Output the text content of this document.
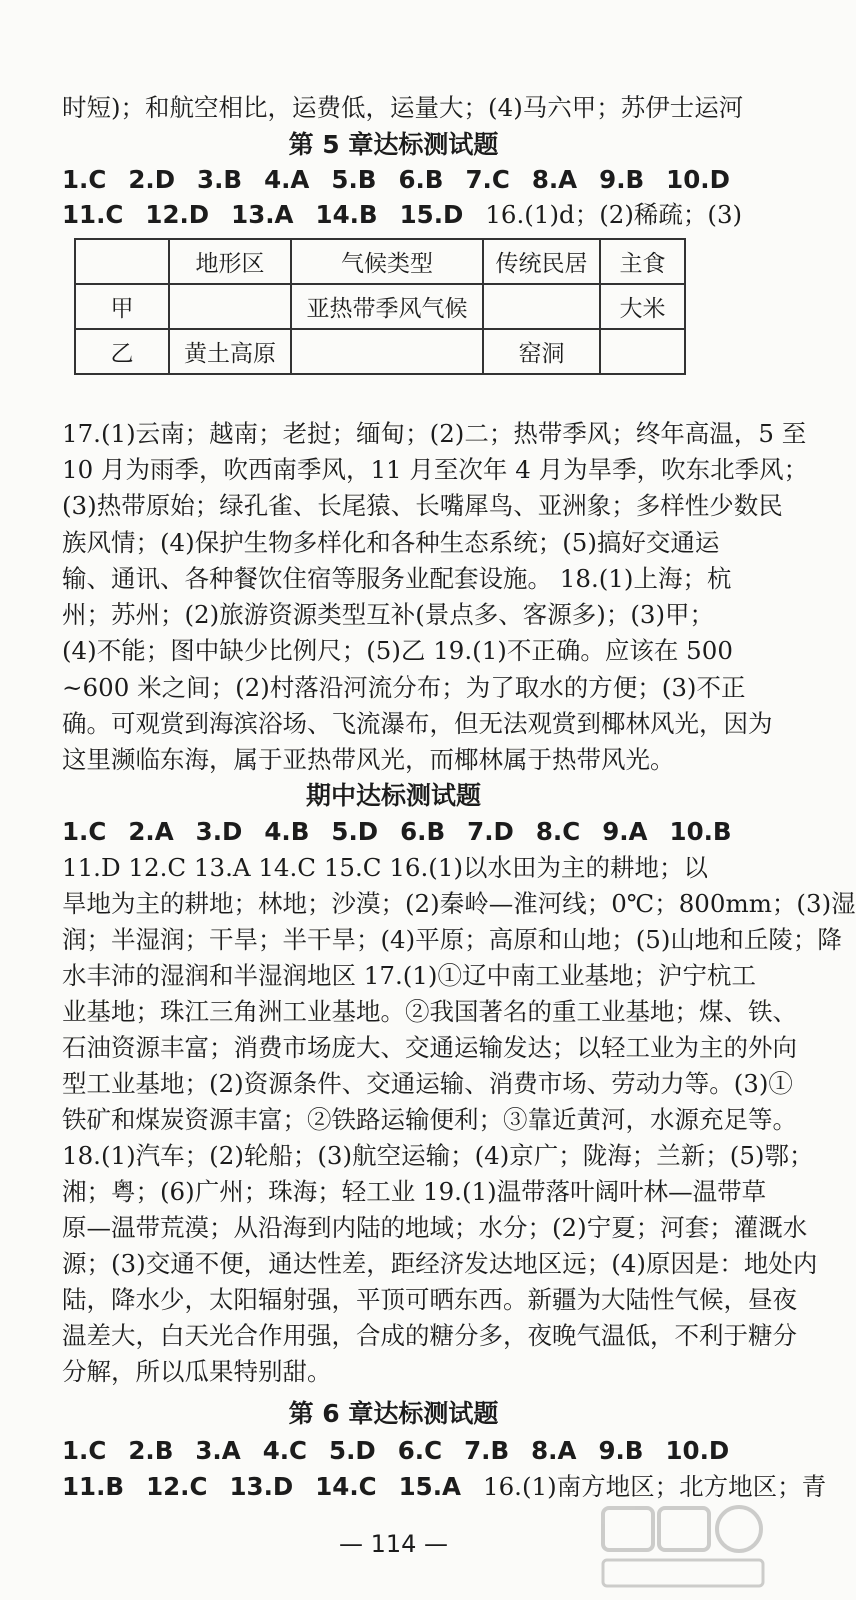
时短)；和航空相比，运费低，运量大；(4)马六甲；苏伊士运河
第 5 章达标测试题
1.C 2.D 3.B 4.A 5.B 6.B 7.C 8.A 9.B 10.D
11.C 12.D 13.A 14.B 15.D 16.(1)d；(2)稀疏；(3)
	地形区	气候类型	传统民居	主食
甲		亚热带季风气候		大米
乙	黄土高原		窑洞	
17.(1)云南；越南；老挝；缅甸；(2)二；热带季风；终年高温，5 至
10 月为雨季，吹西南季风，11 月至次年 4 月为旱季，吹东北季风；
(3)热带原始；绿孔雀、长尾猿、长嘴犀鸟、亚洲象；多样性少数民
族风情；(4)保护生物多样化和各种生态系统；(5)搞好交通运
输、通讯、各种餐饮住宿等服务业配套设施。 18.(1)上海；杭
州；苏州；(2)旅游资源类型互补(景点多、客源多)；(3)甲；
(4)不能；图中缺少比例尺；(5)乙 19.(1)不正确。应该在 500
~600 米之间；(2)村落沿河流分布；为了取水的方便；(3)不正
确。可观赏到海滨浴场、飞流瀑布，但无法观赏到椰林风光，因为
这里濒临东海，属于亚热带风光，而椰林属于热带风光。
期中达标测试题
1.C 2.A 3.D 4.B 5.D 6.B 7.D 8.C 9.A 10.B
11.D 12.C 13.A 14.C 15.C 16.(1)以水田为主的耕地；以
旱地为主的耕地；林地；沙漠；(2)秦岭—淮河线；0℃；800mm；(3)湿
润；半湿润；干旱；半干旱；(4)平原；高原和山地；(5)山地和丘陵；降
水丰沛的湿润和半湿润地区 17.(1)①辽中南工业基地；沪宁杭工
业基地；珠江三角洲工业基地。②我国著名的重工业基地；煤、铁、
石油资源丰富；消费市场庞大、交通运输发达；以轻工业为主的外向
型工业基地；(2)资源条件、交通运输、消费市场、劳动力等。(3)①
铁矿和煤炭资源丰富；②铁路运输便利；③靠近黄河，水源充足等。
18.(1)汽车；(2)轮船；(3)航空运输；(4)京广；陇海；兰新；(5)鄂；
湘；粤；(6)广州；珠海；轻工业 19.(1)温带落叶阔叶林—温带草
原—温带荒漠；从沿海到内陆的地域；水分；(2)宁夏；河套；灌溉水
源；(3)交通不便，通达性差，距经济发达地区远；(4)原因是：地处内
陆，降水少，太阳辐射强，平顶可晒东西。新疆为大陆性气候，昼夜
温差大，白天光合作用强，合成的糖分多，夜晚气温低，不利于糖分
分解，所以瓜果特别甜。
第 6 章达标测试题
1.C 2.B 3.A 4.C 5.D 6.C 7.B 8.A 9.B 10.D
11.B 12.C 13.D 14.C 15.A 16.(1)南方地区；北方地区；青
— 114 —
